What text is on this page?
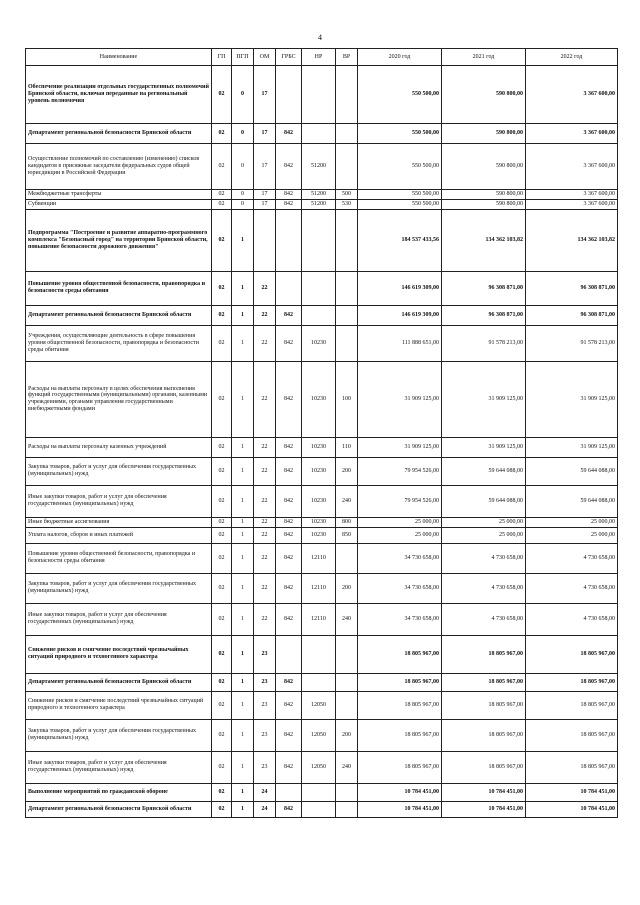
4
Наименование	ГП	ПГП	ОМ	ГРБС	НР	ВР	2020 год	2021 год	2022 год
Обеспечение реализации отдельных государственных полномочий Брянской области, включая переданные на региональный уровень полномочия	02	0	17				550 500,00	590 800,00	3 367 600,00
Департамент региональной безопасности Брянской области	02	0	17	842			550 500,00	590 800,00	3 367 600,00
Осуществление полномочий по составлению (изменению) списков кандидатов в присяжные заседатели федеральных судов общей юрисдикции в Российской Федерации	02	0	17	842	51200		550 500,00	590 800,00	3 367 600,00
Межбюджетные трансферты	02	0	17	842	51200	500	550 500,00	590 800,00	3 367 600,00
Субвенции	02	0	17	842	51200	530	550 500,00	590 800,00	3 367 600,00
Подпрограмма "Построение и развитие аппаратно-программного комплекса "Безопасный город" на территории Брянской области, повышение безопасности дорожного движения"	02	1					184 537 433,56	134 362 103,82	134 362 103,82
Повышение уровня общественной безопасности, правопорядка и безопасности среды обитания	02	1	22				146 619 309,00	96 308 871,00	96 308 871,00
Департамент региональной безопасности Брянской области	02	1	22	842			146 619 309,00	96 308 871,00	96 308 871,00
Учреждения, осуществляющие деятельность в сфере повышения уровня общественной безопасности, правопорядка и безопасности среды обитания	02	1	22	842	10230		111 888 651,00	91 578 213,00	91 578 213,00
Расходы на выплаты персоналу в целях обеспечения выполнения функций государственными (муниципальными) органами, казенными учреждениями, органами управления государственными внебюджетными фондами	02	1	22	842	10230	100	31 909 125,00	31 909 125,00	31 909 125,00
Расходы на выплаты персоналу казенных учреждений	02	1	22	842	10230	110	31 909 125,00	31 909 125,00	31 909 125,00
Закупка товаров, работ и услуг для обеспечения государственных (муниципальных) нужд	02	1	22	842	10230	200	79 954 526,00	59 644 088,00	59 644 088,00
Иные закупки товаров, работ и услуг для обеспечения государственных (муниципальных) нужд	02	1	22	842	10230	240	79 954 526,00	59 644 088,00	59 644 088,00
Иные бюджетные ассигнования	02	1	22	842	10230	800	25 000,00	25 000,00	25 000,00
Уплата налогов, сборов и иных платежей	02	1	22	842	10230	850	25 000,00	25 000,00	25 000,00
Повышение уровня общественной безопасности, правопорядка и безопасности среды обитания	02	1	22	842	12110		34 730 658,00	4 730 658,00	4 730 658,00
Закупка товаров, работ и услуг для обеспечения государственных (муниципальных) нужд	02	1	22	842	12110	200	34 730 658,00	4 730 658,00	4 730 658,00
Иные закупки товаров, работ и услуг для обеспечения государственных (муниципальных) нужд	02	1	22	842	12110	240	34 730 658,00	4 730 658,00	4 730 658,00
Снижение рисков и смягчение последствий чрезвычайных ситуаций природного и техногенного характера	02	1	23				18 805 967,00	18 805 967,00	18 805 967,00
Департамент региональной безопасности Брянской области	02	1	23	842			18 805 967,00	18 805 967,00	18 805 967,00
Снижение рисков и смягчение последствий чрезвычайных ситуаций природного и техногенного характера	02	1	23	842	12050		18 805 967,00	18 805 967,00	18 805 967,00
Закупка товаров, работ и услуг для обеспечения государственных (муниципальных) нужд	02	1	23	842	12050	200	18 805 967,00	18 805 967,00	18 805 967,00
Иные закупки товаров, работ и услуг для обеспечения государственных (муниципальных) нужд	02	1	23	842	12050	240	18 805 967,00	18 805 967,00	18 805 967,00
Выполнение мероприятий по гражданской обороне	02	1	24				10 784 451,00	10 784 451,00	10 784 451,00
Департамент региональной безопасности Брянской области	02	1	24	842			10 784 451,00	10 784 451,00	10 784 451,00
